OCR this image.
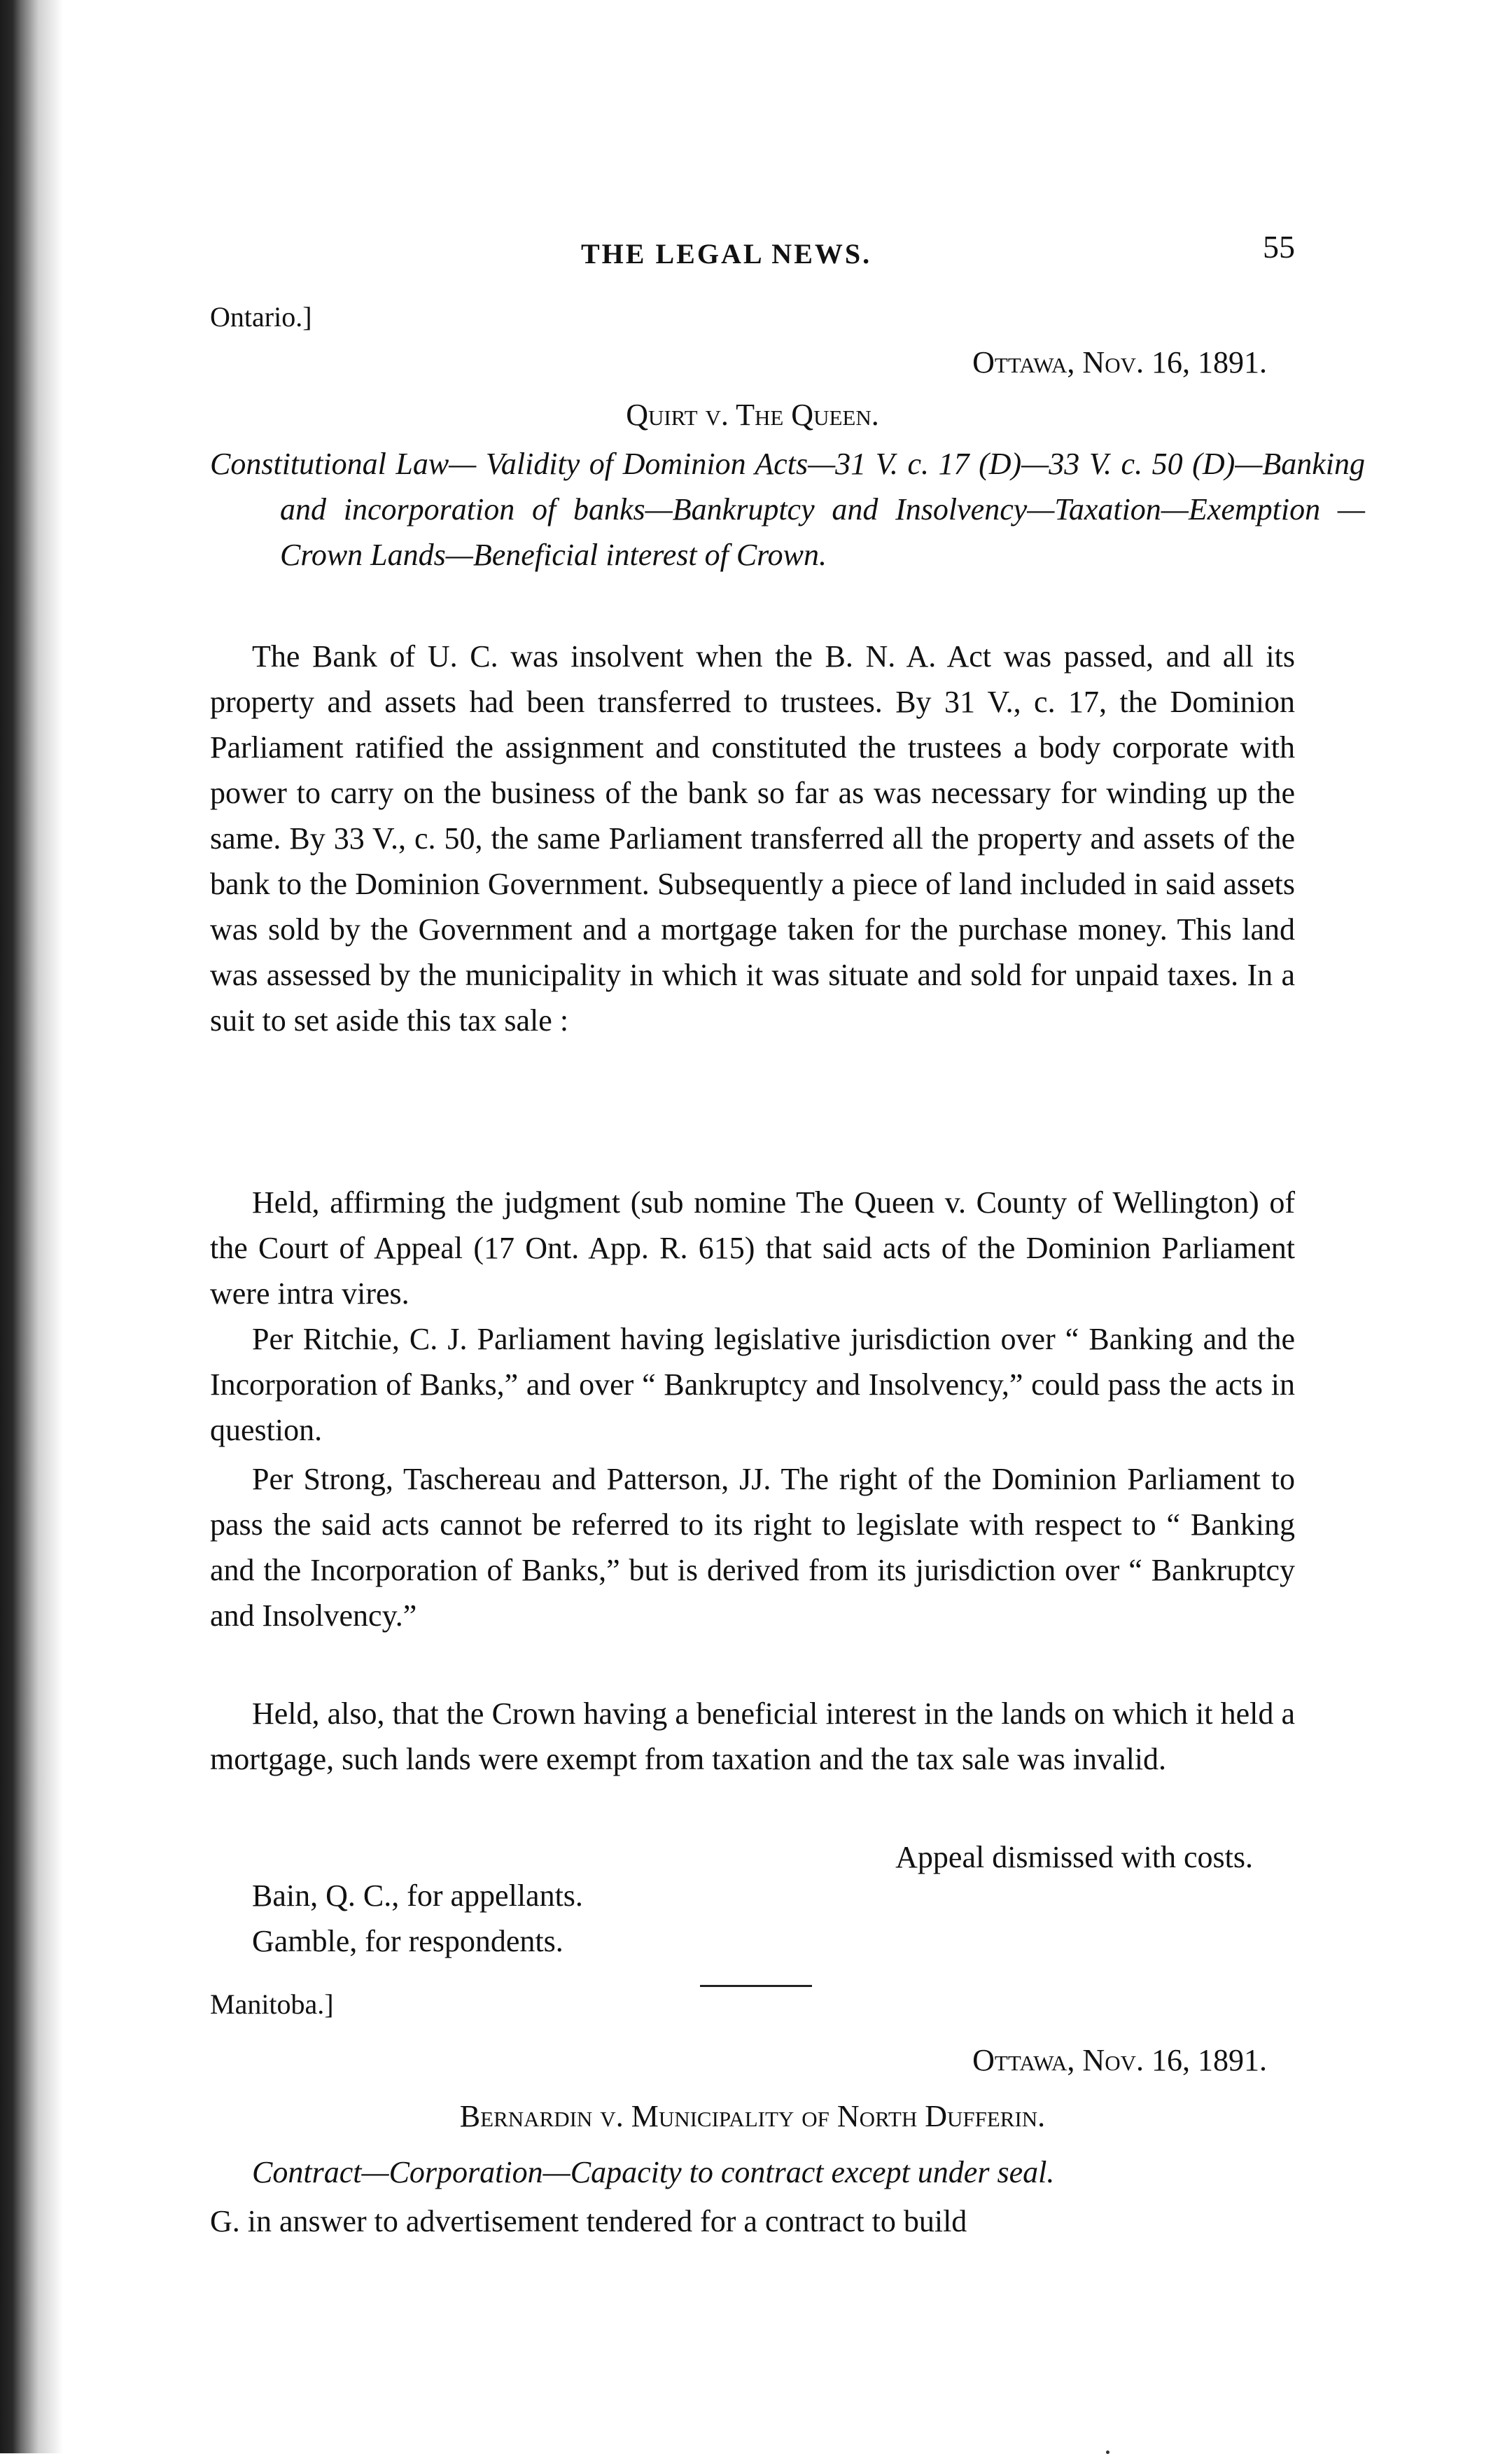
THE LEGAL NEWS.	55
Ontario.]
Ottawa, Nov. 16, 1891.
Quirt v. The Queen.
Constitutional Law— Validity of Dominion Acts—31 V. c. 17 (D)—33 V. c. 50 (D)—Banking and incorporation of banks—Bankruptcy and Insolvency—Taxation—Exemption —Crown Lands—Beneficial interest of Crown.
The Bank of U. C. was insolvent when the B. N. A. Act was passed, and all its property and assets had been transferred to trustees. By 31 V., c. 17, the Dominion Parliament ratified the assignment and constituted the trustees a body corporate with power to carry on the business of the bank so far as was necessary for winding up the same. By 33 V., c. 50, the same Parliament transferred all the property and assets of the bank to the Dominion Government. Subsequently a piece of land included in said assets was sold by the Government and a mortgage taken for the purchase money. This land was assessed by the municipality in which it was situate and sold for unpaid taxes. In a suit to set aside this tax sale :
Held, affirming the judgment (sub nomine The Queen v. County of Wellington) of the Court of Appeal (17 Ont. App. R. 615) that said acts of the Dominion Parliament were intra vires.
Per Ritchie, C. J. Parliament having legislative jurisdiction over “ Banking and the Incorporation of Banks,” and over “ Bankruptcy and Insolvency,” could pass the acts in question.
Per Strong, Taschereau and Patterson, JJ. The right of the Dominion Parliament to pass the said acts cannot be referred to its right to legislate with respect to “ Banking and the Incorporation of Banks,” but is derived from its jurisdiction over “ Bankruptcy and Insolvency.”
Held, also, that the Crown having a beneficial interest in the lands on which it held a mortgage, such lands were exempt from taxation and the tax sale was invalid.
Appeal dismissed with costs.
Bain, Q. C., for appellants.
Gamble, for respondents.
Manitoba.]
Ottawa, Nov. 16, 1891.
Bernardin v. Municipality of North Dufferin.
Contract—Corporation—Capacity to contract except under seal.
G. in answer to advertisement tendered for a contract to build
